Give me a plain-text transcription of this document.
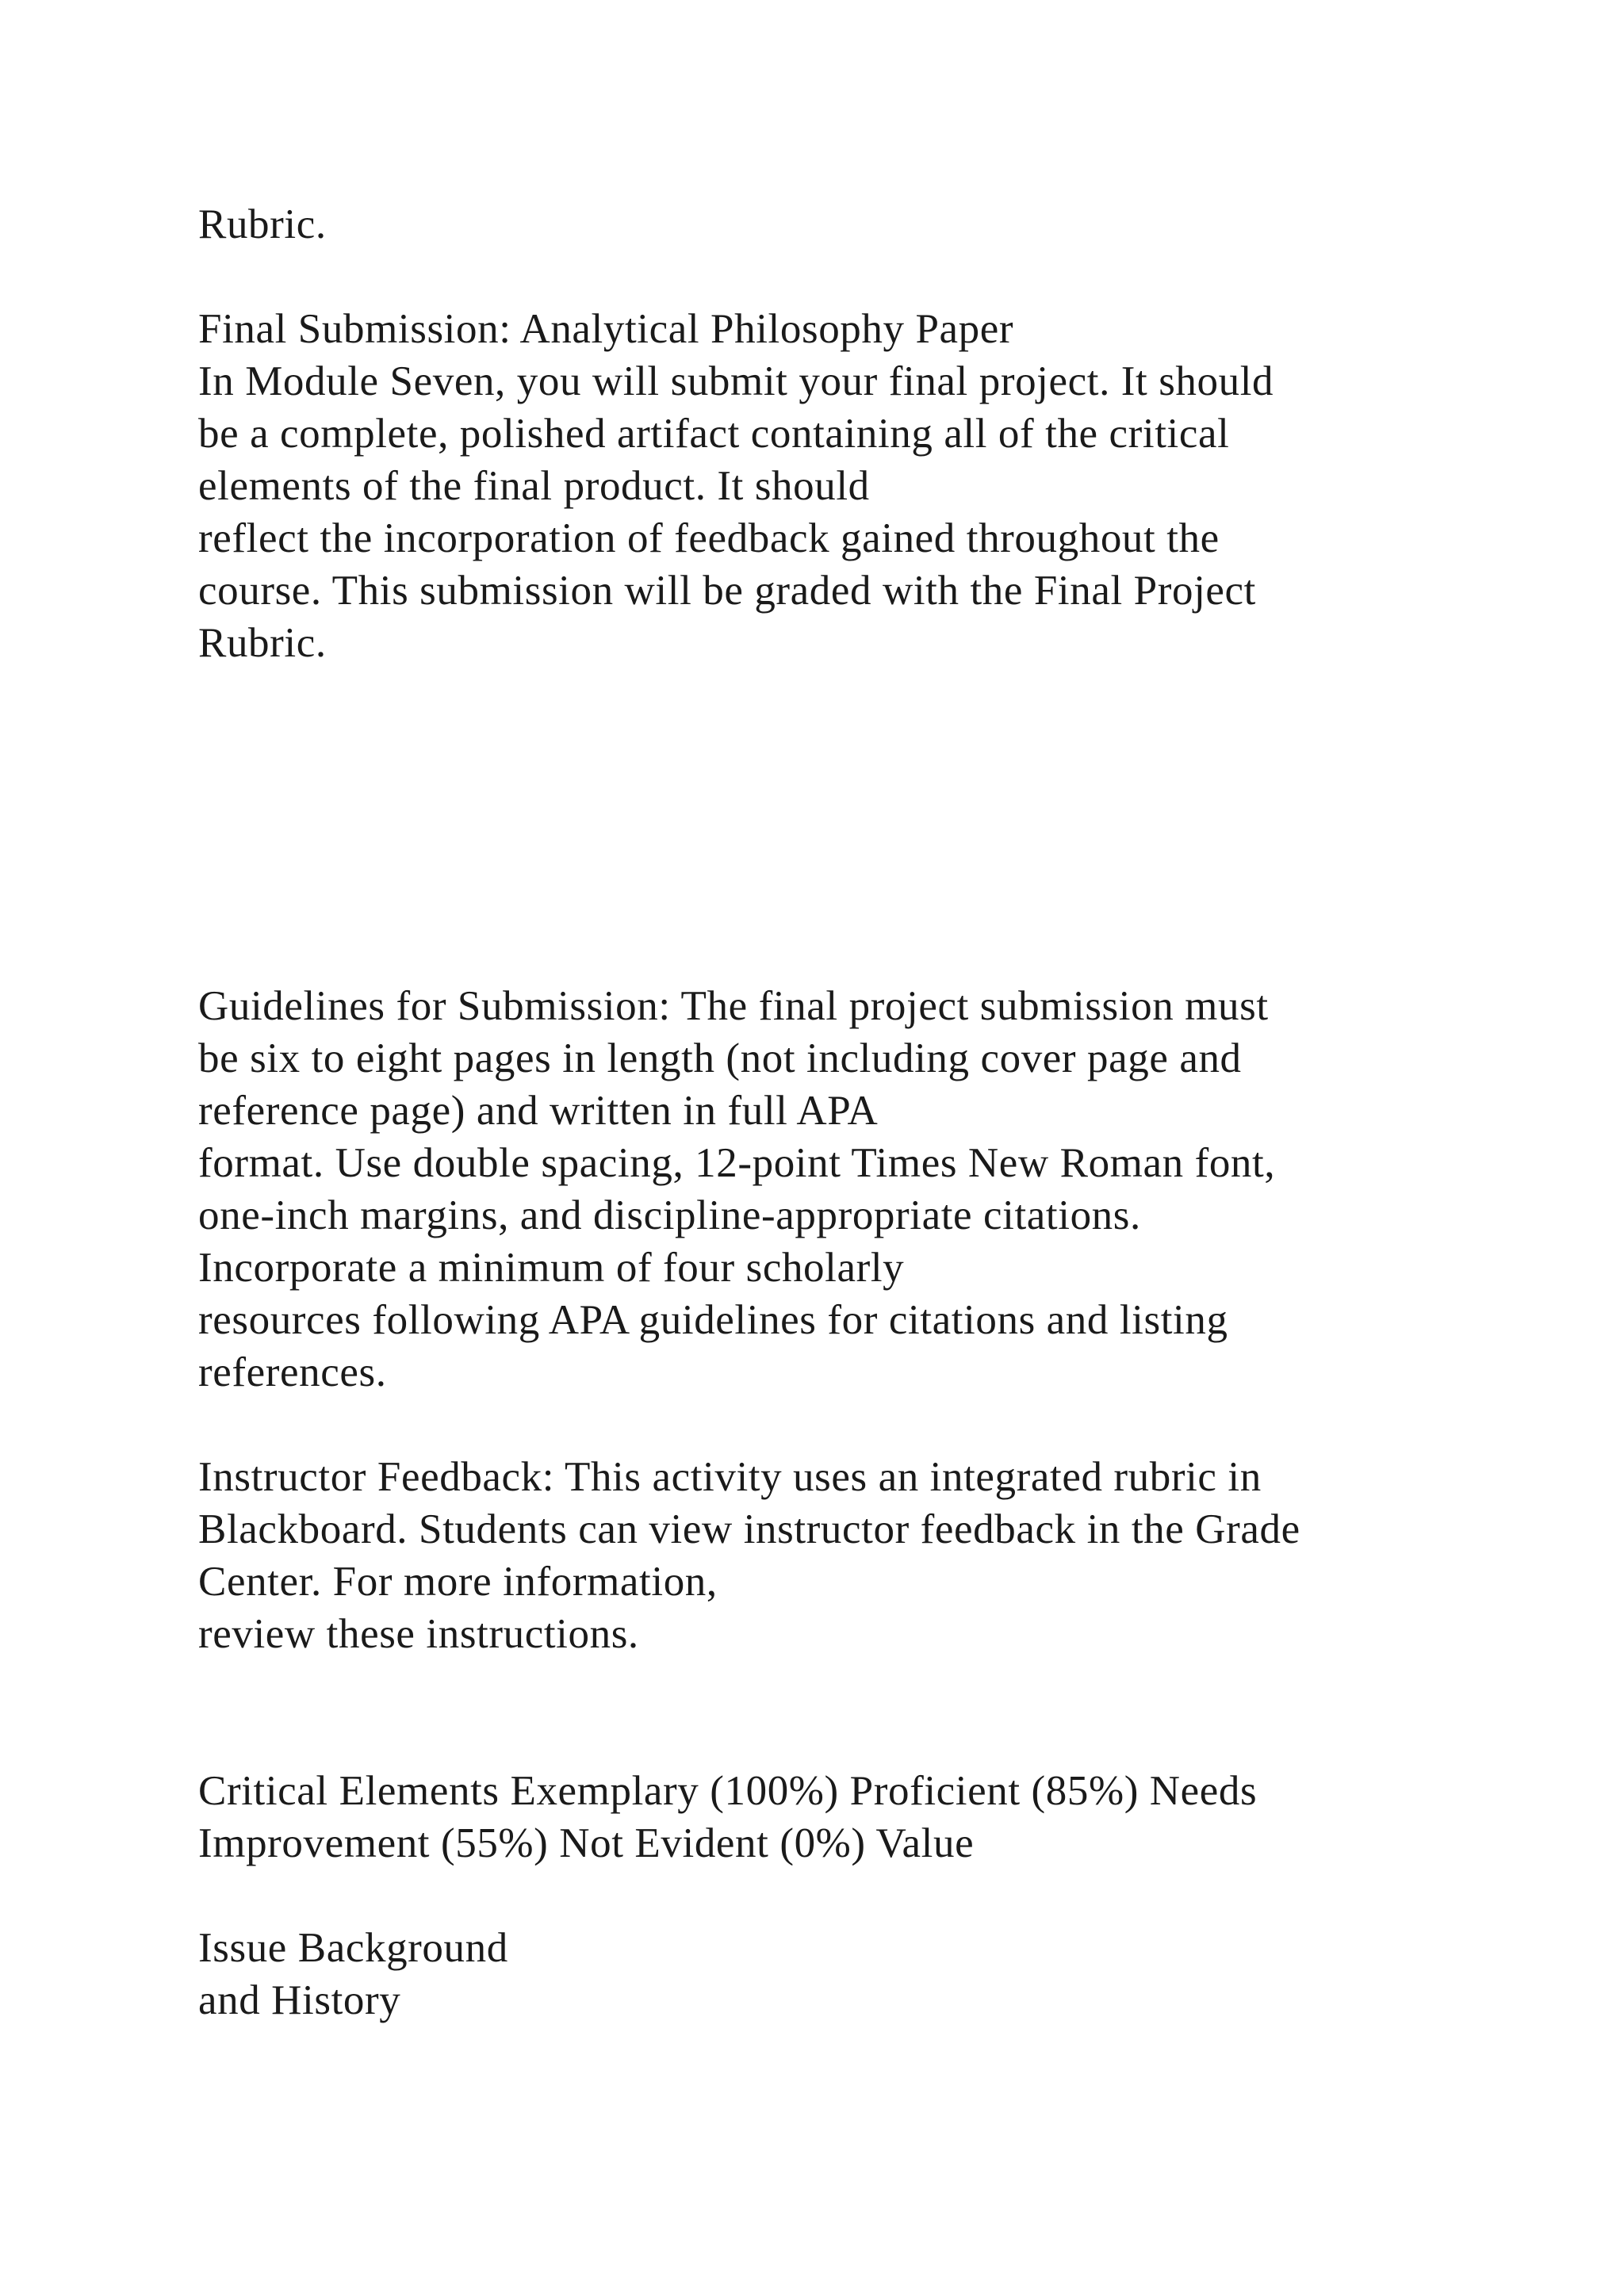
Rubric.
Final Submission: Analytical Philosophy Paper
In Module Seven, you will submit your final project. It should
be a complete, polished artifact containing all of the critical
elements of the final product. It should
reflect the incorporation of feedback gained throughout the
course. This submission will be graded with the Final Project
Rubric.
Guidelines for Submission: The final project submission must
be six to eight pages in length (not including cover page and
reference page) and written in full APA
format. Use double spacing, 12-point Times New Roman font,
one-inch margins, and discipline-appropriate citations.
Incorporate a minimum of four scholarly
resources following APA guidelines for citations and listing
references.
Instructor Feedback: This activity uses an integrated rubric in
Blackboard. Students can view instructor feedback in the Grade
Center. For more information,
review these instructions.
Critical Elements Exemplary (100%) Proficient (85%) Needs
Improvement (55%) Not Evident (0%) Value
Issue Background
and History
